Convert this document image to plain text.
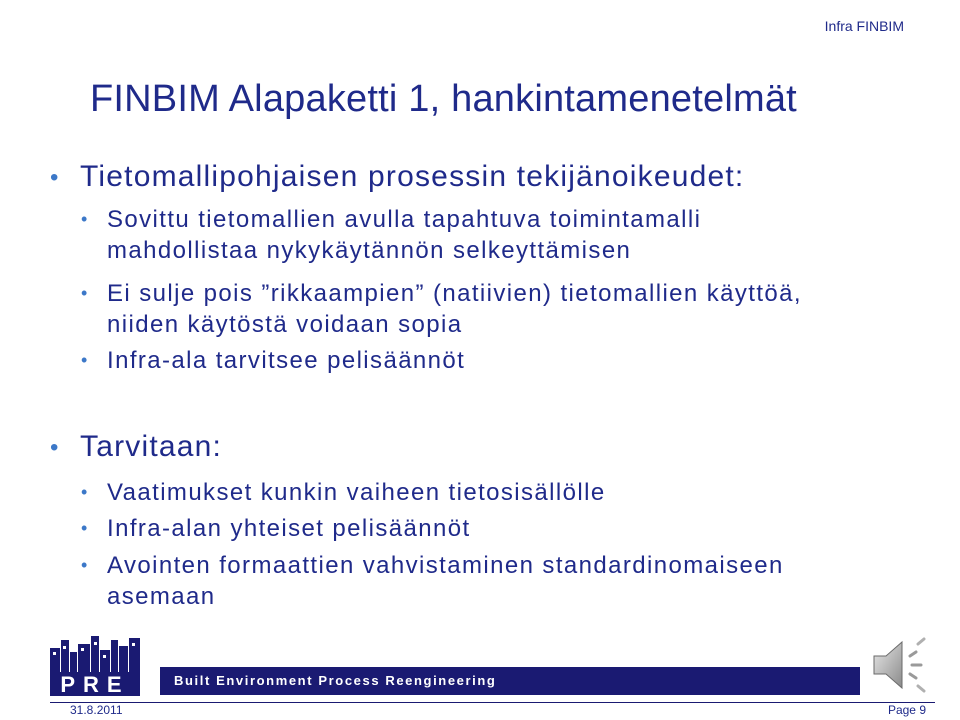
Infra FINBIM
FINBIM Alapaketti 1, hankintamenetelmät
• Tietomallipohjaisen prosessin tekijänoikeudet:
• Sovittu tietomallien avulla tapahtuva toimintamalli
mahdollistaa nykykäytännön selkeyttämisen
• Ei sulje pois ”rikkaampien” (natiivien) tietomallien käyttöä,
niiden käytöstä voidaan sopia
• Infra-ala tarvitsee pelisäännöt
• Tarvitaan:
• Vaatimukset kunkin vaiheen tietosisällölle
• Infra-alan yhteiset pelisäännöt
• Avointen formaattien vahvistaminen standardinomaiseen
asemaan
PRE	Built Environment Process Reengineering
31.8.2011	Page 9
